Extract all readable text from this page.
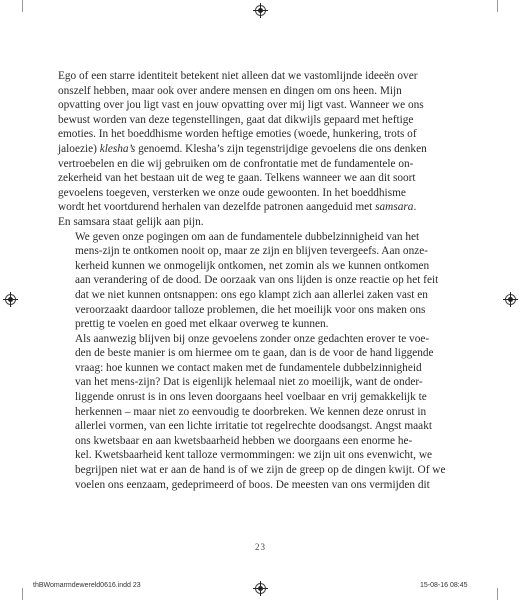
Ego of een starre identiteit betekent niet alleen dat we vastomlijnde ideeën over
onszelf hebben, maar ook over andere mensen en dingen om ons heen. Mijn
opvatting over jou ligt vast en jouw opvatting over mij ligt vast. Wanneer we ons
bewust worden van deze tegenstellingen, gaat dat dikwijls gepaard met heftige
emoties. In het boeddhisme worden heftige emoties (woede, hunkering, trots of
jaloezie) klesha’s genoemd. Klesha’s zijn tegenstrijdige gevoelens die ons denken
vertroebelen en die wij gebruiken om de confrontatie met de fundamentele on-
zekerheid van het bestaan uit de weg te gaan. Telkens wanneer we aan dit soort
gevoelens toegeven, versterken we onze oude gewoonten. In het boeddhisme
wordt het voortdurend herhalen van dezelfde patronen aangeduid met samsara.
En samsara staat gelijk aan pijn.
We geven onze pogingen om aan de fundamentele dubbelzinnigheid van het
mens-zijn te ontkomen nooit op, maar ze zijn en blijven tevergeefs. Aan onze-
kerheid kunnen we onmogelijk ontkomen, net zomin als we kunnen ontkomen
aan verandering of de dood. De oorzaak van ons lijden is onze reactie op het feit
dat we niet kunnen ontsnappen: ons ego klampt zich aan allerlei zaken vast en
veroorzaakt daardoor talloze problemen, die het moeilijk voor ons maken ons
prettig te voelen en goed met elkaar overweg te kunnen.
Als aanwezig blijven bij onze gevoelens zonder onze gedachten erover te voe-
den de beste manier is om hiermee om te gaan, dan is de voor de hand liggende
vraag: hoe kunnen we contact maken met de fundamentele dubbelzinnigheid
van het mens-zijn? Dat is eigenlijk helemaal niet zo moeilijk, want de onder-
liggende onrust is in ons leven doorgaans heel voelbaar en vrij gemakkelijk te
herkennen – maar niet zo eenvoudig te doorbreken. We kennen deze onrust in
allerlei vormen, van een lichte irritatie tot regelrechte doodsangst. Angst maakt
ons kwetsbaar en aan kwetsbaarheid hebben we doorgaans een enorme he-
kel. Kwetsbaarheid kent talloze vermommingen: we zijn uit ons evenwicht, we
begrijpen niet wat er aan de hand is of we zijn de greep op de dingen kwijt. Of we
voelen ons eenzaam, gedeprimeerd of boos. De meesten van ons vermijden dit
23
thBWomarmdewereld0616.indd 23	15-08-16 08:45
